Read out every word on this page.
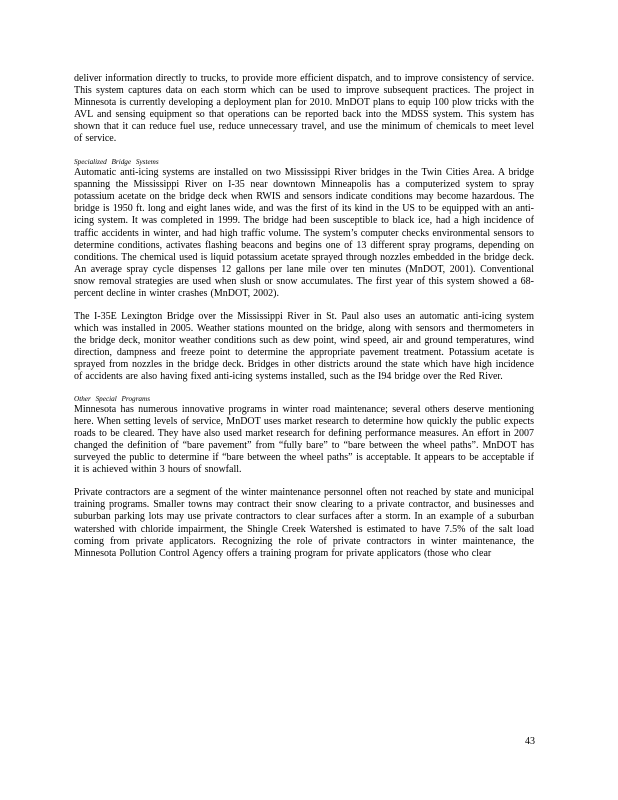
deliver information directly to trucks, to provide more efficient dispatch, and to improve consistency of service. This system captures data on each storm which can be used to improve subsequent practices. The project in Minnesota is currently developing a deployment plan for 2010. MnDOT plans to equip 100 plow tricks with the AVL and sensing equipment so that operations can be reported back into the MDSS system. This system has shown that it can reduce fuel use, reduce unnecessary travel, and use the minimum of chemicals to meet level of service.

Specialized Bridge Systems

Automatic anti-icing systems are installed on two Mississippi River bridges in the Twin Cities Area. A bridge spanning the Mississippi River on I-35 near downtown Minneapolis has a computerized system to spray potassium acetate on the bridge deck when RWIS and sensors indicate conditions may become hazardous. The bridge is 1950 ft. long and eight lanes wide, and was the first of its kind in the US to be equipped with an anti-icing system. It was completed in 1999. The bridge had been susceptible to black ice, had a high incidence of traffic accidents in winter, and had high traffic volume. The system’s computer checks environmental sensors to determine conditions, activates flashing beacons and begins one of 13 different spray programs, depending on conditions. The chemical used is liquid potassium acetate sprayed through nozzles embedded in the bridge deck. An average spray cycle dispenses 12 gallons per lane mile over ten minutes (MnDOT, 2001). Conventional snow removal strategies are used when slush or snow accumulates. The first year of this system showed a 68-percent decline in winter crashes (MnDOT, 2002).

The I-35E Lexington Bridge over the Mississippi River in St. Paul also uses an automatic anti-icing system which was installed in 2005. Weather stations mounted on the bridge, along with sensors and thermometers in the bridge deck, monitor weather conditions such as dew point, wind speed, air and ground temperatures, wind direction, dampness and freeze point to determine the appropriate pavement treatment. Potassium acetate is sprayed from nozzles in the bridge deck. Bridges in other districts around the state which have high incidence of accidents are also having fixed anti-icing systems installed, such as the I94 bridge over the Red River.

Other Special Programs

Minnesota has numerous innovative programs in winter road maintenance; several others deserve mentioning here. When setting levels of service, MnDOT uses market research to determine how quickly the public expects roads to be cleared. They have also used market research for defining performance measures. An effort in 2007 changed the definition of “bare pavement” from “fully bare” to “bare between the wheel paths”. MnDOT has surveyed the public to determine if “bare between the wheel paths” is acceptable. It appears to be acceptable if it is achieved within 3 hours of snowfall.

Private contractors are a segment of the winter maintenance personnel often not reached by state and municipal training programs. Smaller towns may contract their snow clearing to a private contractor, and businesses and suburban parking lots may use private contractors to clear surfaces after a storm. In an example of a suburban watershed with chloride impairment, the Shingle Creek Watershed is estimated to have 7.5% of the salt load coming from private applicators. Recognizing the role of private contractors in winter maintenance, the Minnesota Pollution Control Agency offers a training program for private applicators (those who clear

43
